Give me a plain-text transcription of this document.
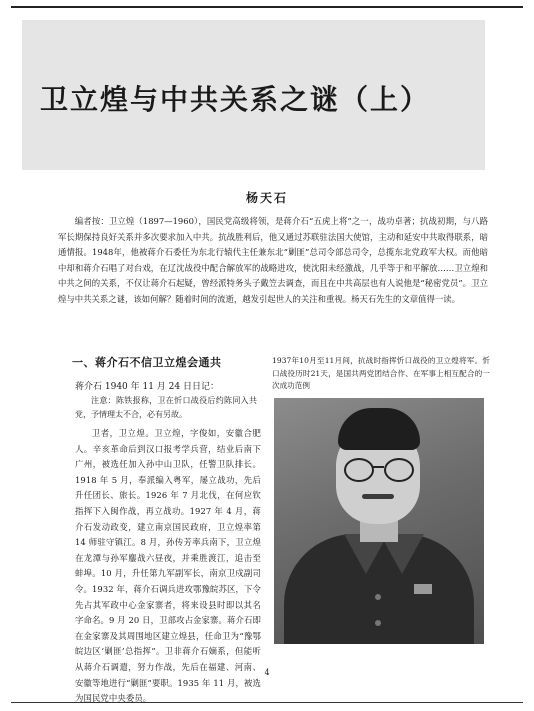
卫立煌与中共关系之谜（上）
杨天石
编者按：卫立煌（1897—1960），国民党高级将领，是蒋介石“五虎上将”之一，战功卓著；抗战初期，与八路军长期保持良好关系并多次要求加入中共。抗战胜利后，他又通过苏联驻法国大使馆，主动和延安中共取得联系，暗通情报。1948年，他被蒋介石委任为东北行辕代主任兼东北“剿匪”总司令部总司令，总揽东北党政军大权。而他暗中却和蒋介石唱了对台戏，在辽沈战役中配合解放军的战略进攻，使沈阳未经激战，几乎等于和平解放……卫立煌和中共之间的关系，不仅让蒋介石起疑，曾经派特务头子戴笠去调查，而且在中共高层也有人说他是“秘密党员”。卫立煌与中共关系之谜，该如何解？随着时间的流逝，越发引起世人的关注和重视。杨天石先生的文章值得一读。
一、蒋介石不信卫立煌会通共
蒋介石 1940 年 11 月 24 日日记：
注意：陈铁报称，卫在忻口战役后约陈同入共党，予情理太不合，必有另故。
卫者，卫立煌。卫立煌，字俊如，安徽合肥人。辛亥革命后到汉口报考学兵营，结业后南下广州，被选任加入孙中山卫队，任警卫队排长。1918 年 5 月，奉派编入粤军，屡立战功，先后升任团长、旅长。1926 年 7 月北伐，在何应钦指挥下入闽作战，再立战功。1927 年 4 月，蒋介石发动政变，建立南京国民政府，卫立煌率第 14 师驻守镇江。8 月，孙传芳率兵南下，卫立煌在龙潭与孙军鏖战六昼夜，并乘胜渡江，追击至蚌埠。10 月，升任第九军副军长，南京卫戍副司令。1932 年，蒋介石调兵进攻鄂豫皖苏区，下令先占其军政中心金家寨者，将来设县时即以其名字命名。9 月 20 日，卫部攻占金家寨。蒋介石即在金家寨及其周围地区建立煌县，任命卫为“豫鄂皖边区‘剿匪’总指挥”。卫非蒋介石嫡系，但能听从蒋介石调遣，努力作战，先后在福建、河南、安徽等地进行“剿匪”要职。1935 年 11 月，被选为国民党中央委员。
1937年10月至11月间，抗战时指挥忻口战役的卫立煌将军。忻口战役历时21天，是国共两党团结合作、在军事上相互配合的一次成功范例
4
